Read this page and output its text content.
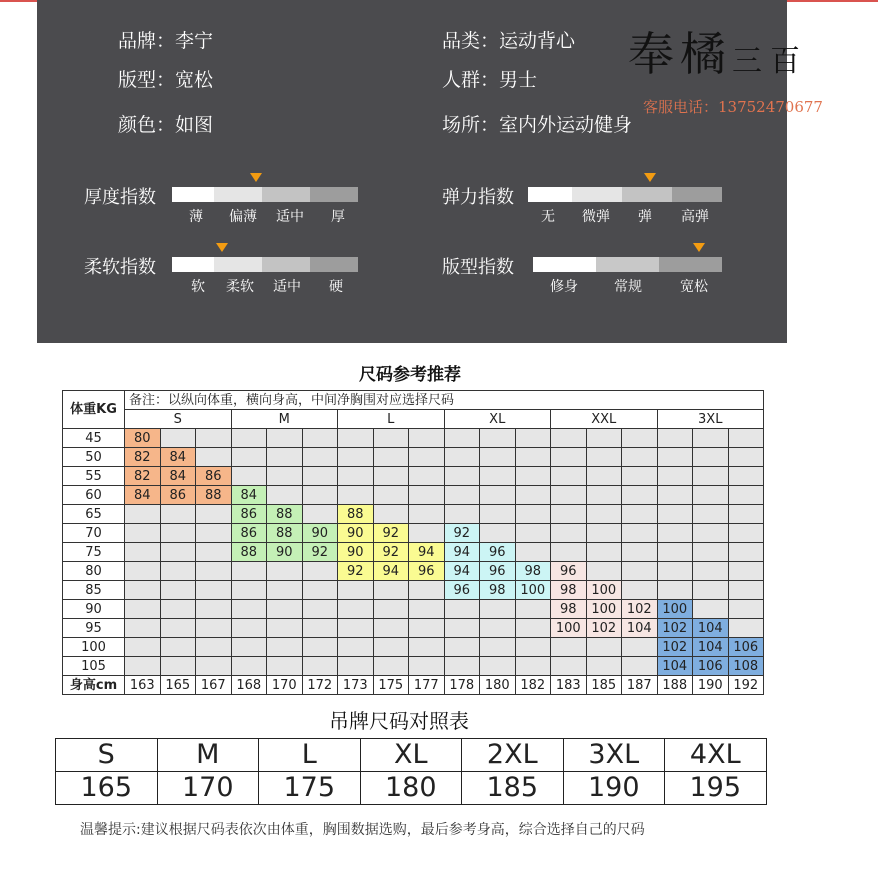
品牌：李宁
版型：宽松
颜色：如图
品类：运动背心
人群：男士
场所：室内外运动健身
奉橘三百
客服电话：13752470677
厚度指数
薄 偏薄 适中 厚
柔软指数
软 柔软 适中 硬
弹力指数
无 微弹 弹 高弹
版型指数
修身	常规	宽松
尺码参考推荐
体重KG	备注：以纵向体重，横向身高，中间净胸围对应选择尺码																	
	S			M			L			XL			XXL			3XL		
45	80																	
50	82	84																
55	82	84	86															
60	84	86	88	84														
65				86	88		88											
70				86	88	90	90	92		92								
75				88	90	92	90	92	94	94	96							
80							92	94	96	94	96	98	96					
85										96	98	100	98	100				
90													98	100	102	100		
95													100	102	104	102	104	
100																102	104	106
105																104	106	108
身高cm	163	165	167	168	170	172	173	175	177	178	180	182	183	185	187	188	190	192
吊牌尺码对照表
S	M	L	XL	2XL	3XL	4XL
165	170	175	180	185	190	195
温馨提示:建议根据尺码表依次由体重，胸围数据选购，最后参考身高，综合选择自己的尺码
